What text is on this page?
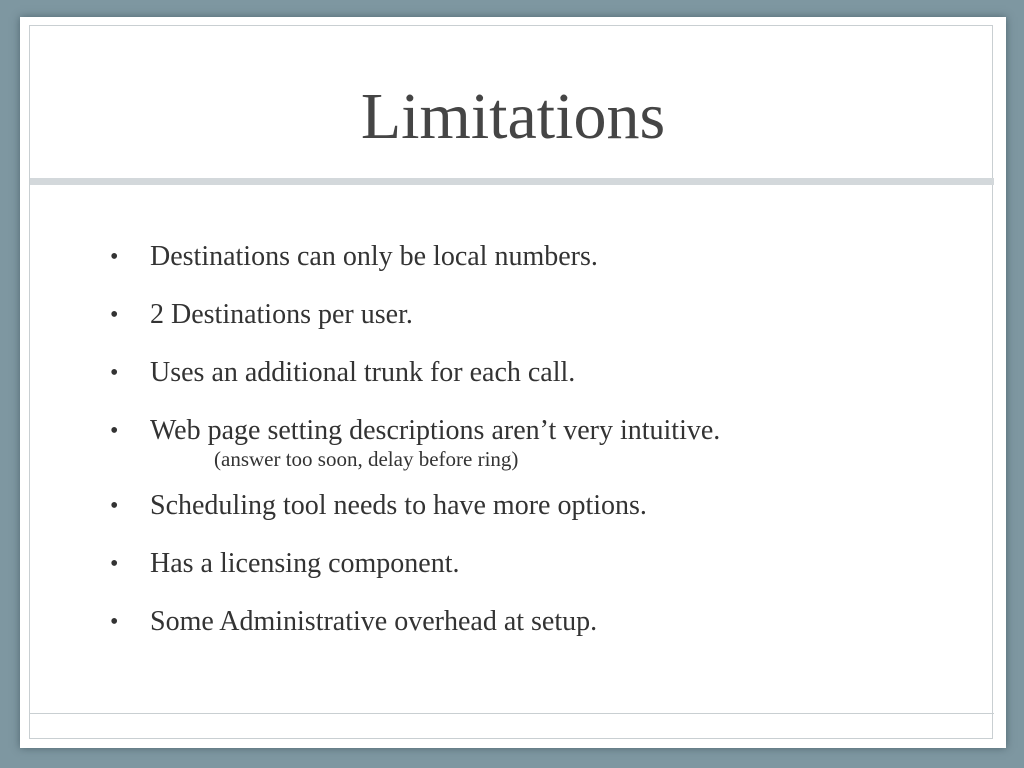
Limitations
• Destinations can only be local numbers.
• 2 Destinations per user.
• Uses an additional trunk for each call.
• Web page setting descriptions aren’t very intuitive.
(answer too soon, delay before ring)
• Scheduling tool needs to have more options.
• Has a licensing component.
• Some Administrative overhead at setup.
